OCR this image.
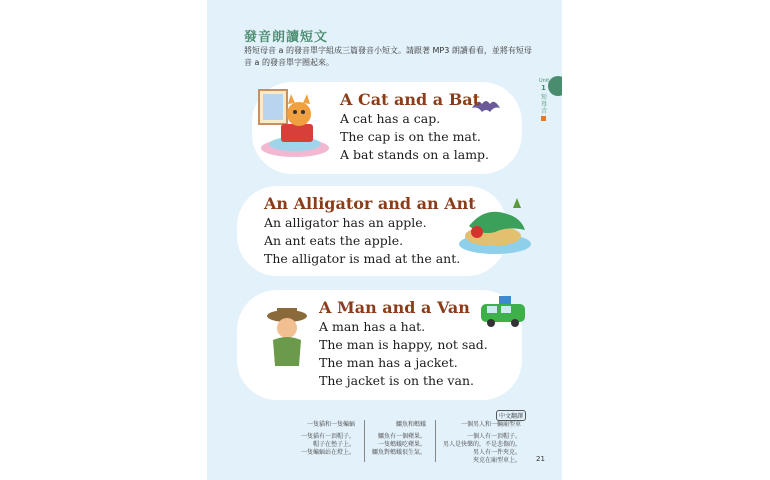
發音朗讀短文
將短母音 a 的發音單字組成三篇發音小短文。請跟著 MP3 朗讀看看，並將有短母音 a 的發音單字圈起來。
Unit
1
短母音
A Cat and a Bat
A cat has a cap.
The cap is on the mat.
A bat stands on a lamp.
An Alligator and an Ant
An alligator has an apple.
An ant eats the apple.
The alligator is mad at the ant.
A Man and a Van
A man has a hat.
The man is happy, not sad.
The man has a jacket.
The jacket is on the van.
中文翻譯
一隻貓和一隻蝙蝠
一隻貓有一頂帽子。
帽子在墊子上。
一隻蝙蝠站在燈上。
鱷魚和螞蟻
鱷魚有一個蘋果。
一隻螞蟻吃蘋果。
鱷魚對螞蟻很生氣。
一個男人和一輛廂型車
一個人有一頂帽子。
男人是快樂的，不是悲傷的。
男人有一件夾克。
夾克在廂型車上。 21
